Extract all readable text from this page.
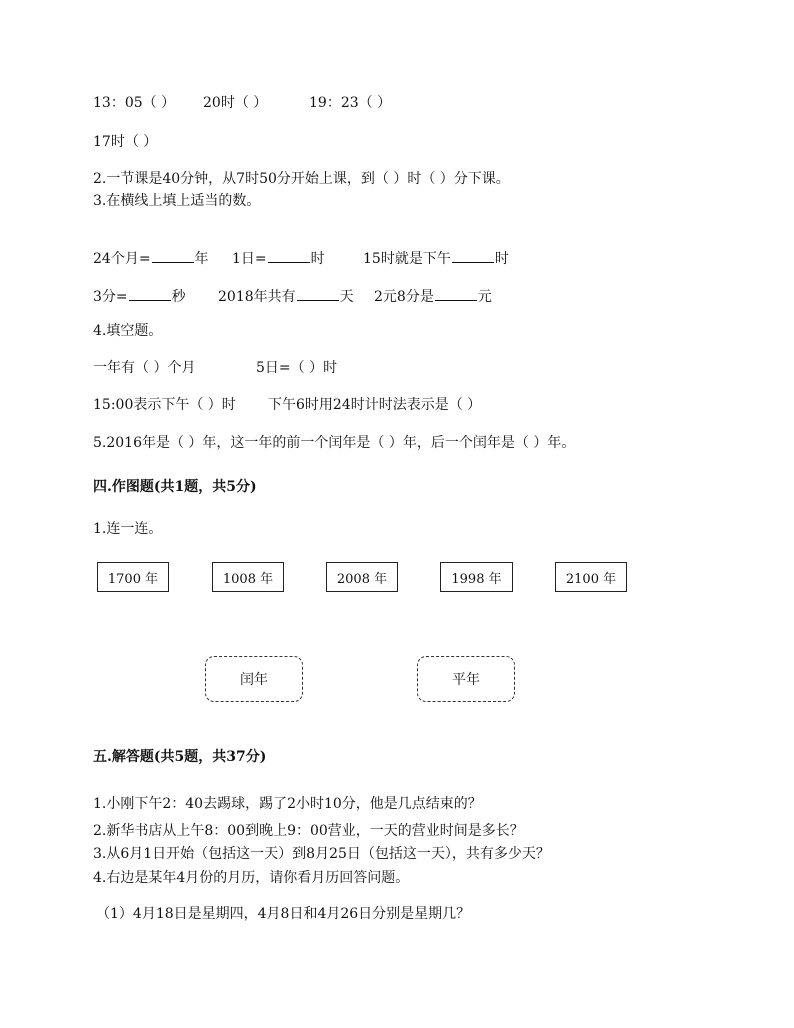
13：05（ ） 20时（ ）	19：23（ ）
17时（ ）
2.一节课是40分钟，从7时50分开始上课，到（ ）时（ ）分下课。
3.在横线上填上适当的数。
24个月=	年 1日=	时	15时就是下午	时
3分=	秒 2018年共有	天 2元8分是	元
4.填空题。
一年有（ ）个月	5日=（ ）时
15:00表示下午（ ）时 下午6时用24时计时法表示是（ ）
5.2016年是（ ）年，这一年的前一个闰年是（ ）年，后一个闰年是（ ）年。
四.作图题(共1题，共5分)
1.连一连。
1700 年	1008 年	2008 年	1998 年	2100 年
闰年	平年
五.解答题(共5题，共37分)
1.小刚下午2：40去踢球，踢了2小时10分，他是几点结束的？
2.新华书店从上午8：00到晚上9：00营业，一天的营业时间是多长？
3.从6月1日开始（包括这一天）到8月25日（包括这一天），共有多少天？
4.右边是某年4月份的月历，请你看月历回答问题。
（1）4月18日是星期四，4月8日和4月26日分别是星期几？
